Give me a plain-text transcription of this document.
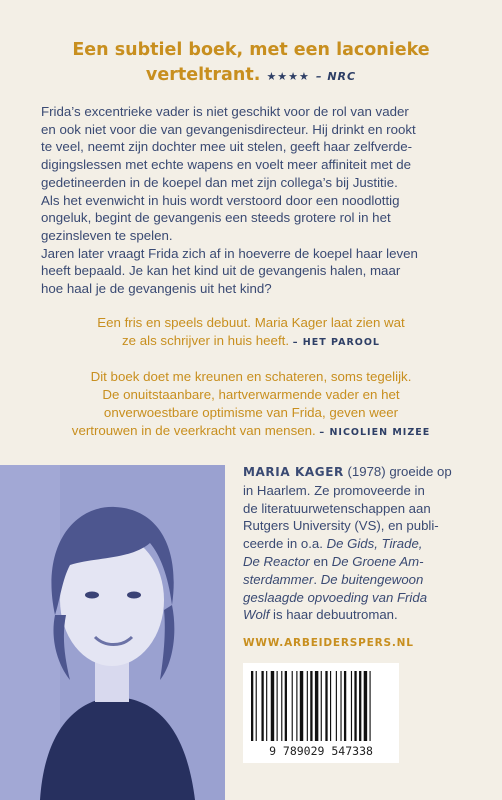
Een subtiel boek, met een laconieke
verteltrant. ★★★★ – NRC
Frida’s excentrieke vader is niet geschikt voor de rol van vader
en ook niet voor die van gevangenisdirecteur. Hij drinkt en rookt
te veel, neemt zijn dochter mee uit stelen, geeft haar zelfverde-
digingslessen met echte wapens en voelt meer affiniteit met de
gedetineerden in de koepel dan met zijn collega’s bij Justitie.
Als het evenwicht in huis wordt verstoord door een noodlottig
ongeluk, begint de gevangenis een steeds grotere rol in het
gezinsleven te spelen.
Jaren later vraagt Frida zich af in hoeverre de koepel haar leven
heeft bepaald. Je kan het kind uit de gevangenis halen, maar
hoe haal je de gevangenis uit het kind?
Een fris en speels debuut. Maria Kager laat zien wat
ze als schrijver in huis heeft. – HET PAROOL
Dit boek doet me kreunen en schateren, soms tegelijk.
De onuitstaanbare, hartverwarmende vader en het
onverwoestbare optimisme van Frida, geven weer
vertrouwen in de veerkracht van mensen. – NICOLIEN MIZEE
MARIA KAGER (1978) groeide op
in Haarlem. Ze promoveerde in
de literatuurwetenschappen aan
Rutgers University (VS), en publi-
ceerde in o.a. De Gids, Tirade,
De Reactor en De Groene Am-
sterdammer. De buitengewoon
geslaagde opvoeding van Frida
Wolf is haar debuutroman.
WWW.ARBEIDERSPERS.NL
9 789029 547338
